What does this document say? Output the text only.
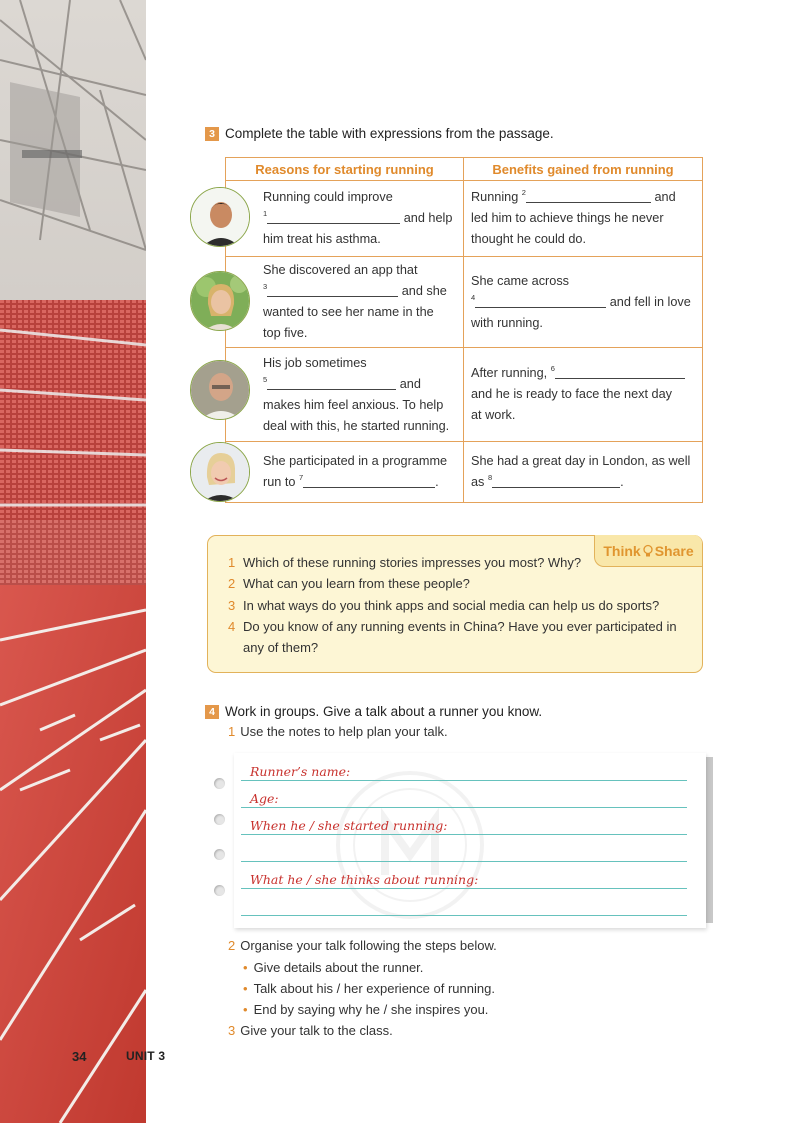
3 Complete the table with expressions from the passage.
Reasons for starting running	Benefits gained from running
Running could improve
$^1$ and help
him treat his asthma.	Running $^2$ and
led him to achieve things he never
thought he could do.
She discovered an app that
$^3$ and she
wanted to see her name in the
top five.	She came across
$^4$ and fell in love
with running.
His job sometimes
$^5$ and
makes him feel anxious. To help
deal with this, he started running.	After running, $^6$
and he is ready to face the next day
at work.
She participated in a programme
run to $^7$ .	She had a great day in London, as well
as $^8$ .
Think Share
1 Which of these running stories impresses you most? Why?
2 What can you learn from these people?
3 In what ways do you think apps and social media can help us do sports?
4 Do you know of any running events in China? Have you ever participated in any of them?
4 Work in groups. Give a talk about a runner you know.
1 Use the notes to help plan your talk.
Runner’s name:
Age:
When he / she started running:
What he / she thinks about running:
2 Organise your talk following the steps below.
• Give details about the runner.
• Talk about his / her experience of running.
• End by saying why he / she inspires you.
3 Give your talk to the class.
34	UNIT 3
